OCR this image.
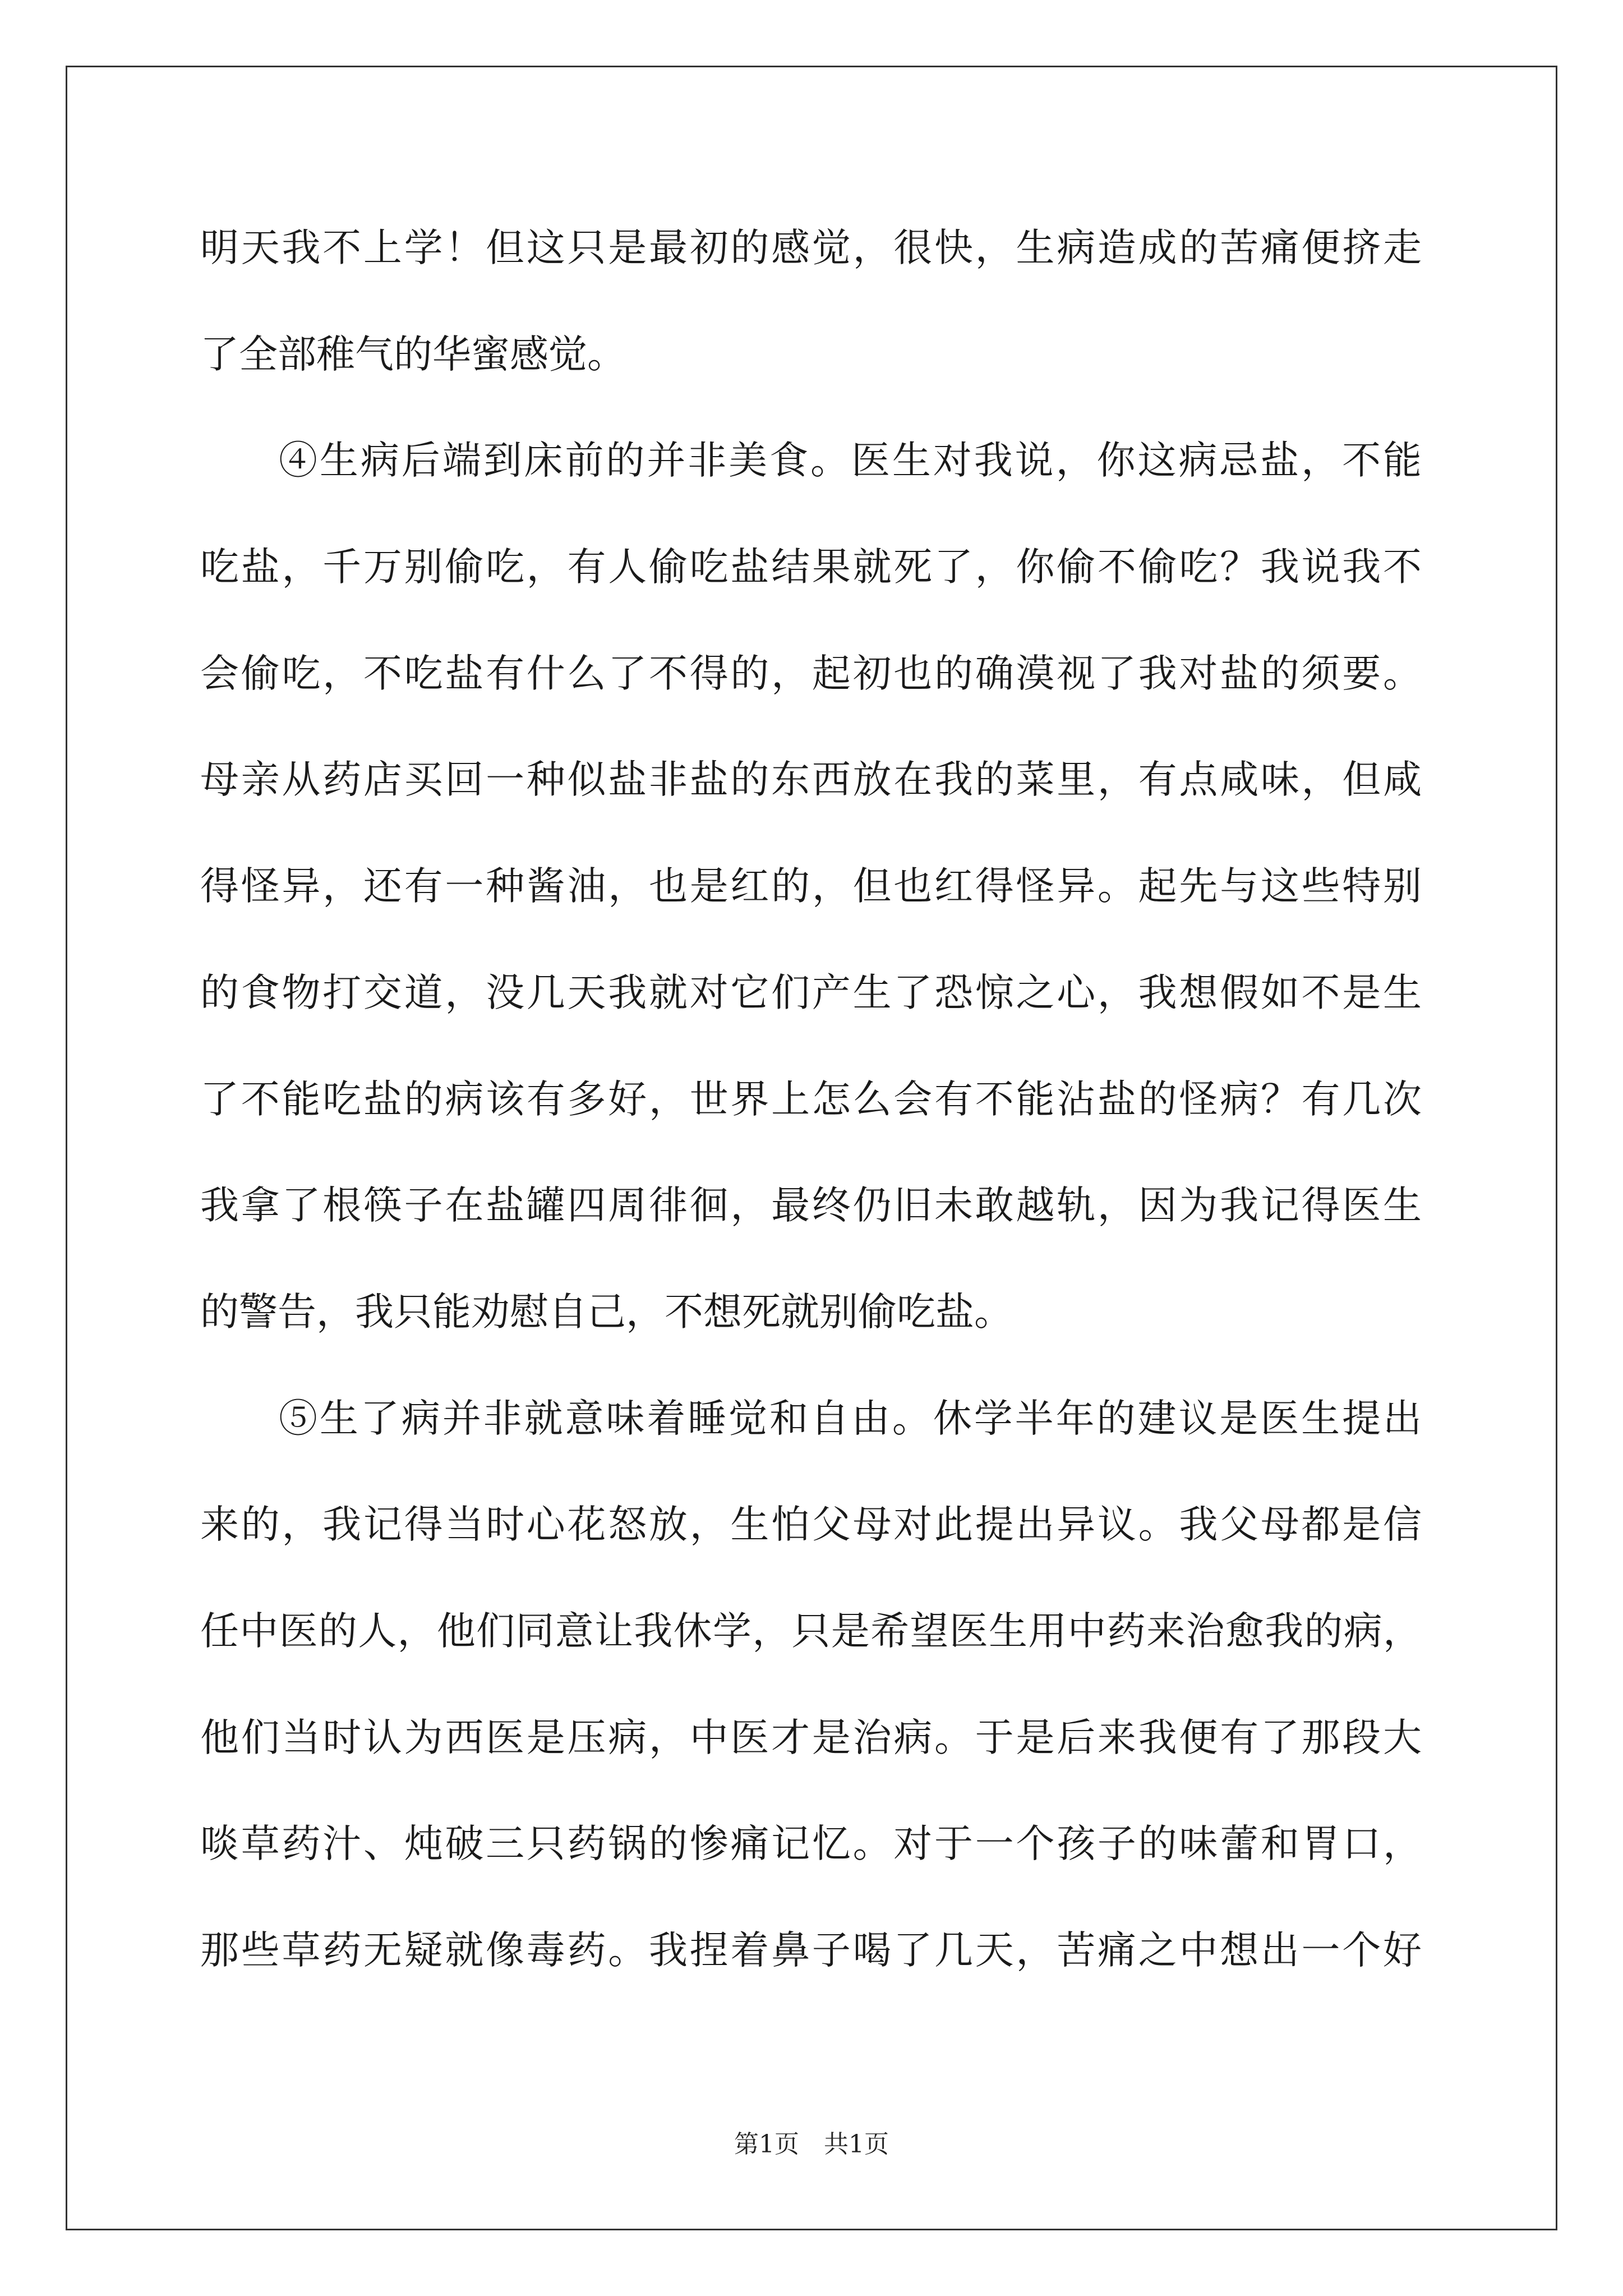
明天我不上学！但这只是最初的感觉，很快，生病造成的苦痛便挤走
了全部稚气的华蜜感觉。
④生病后端到床前的并非美食。医生对我说，你这病忌盐，不能
吃盐，千万别偷吃，有人偷吃盐结果就死了，你偷不偷吃？我说我不
会偷吃，不吃盐有什么了不得的，起初也的确漠视了我对盐的须要。
母亲从药店买回一种似盐非盐的东西放在我的菜里，有点咸味，但咸
得怪异，还有一种酱油，也是红的，但也红得怪异。起先与这些特别
的食物打交道，没几天我就对它们产生了恐惊之心，我想假如不是生
了不能吃盐的病该有多好，世界上怎么会有不能沾盐的怪病？有几次
我拿了根筷子在盐罐四周徘徊，最终仍旧未敢越轨，因为我记得医生
的警告，我只能劝慰自己，不想死就别偷吃盐。
⑤生了病并非就意味着睡觉和自由。休学半年的建议是医生提出
来的，我记得当时心花怒放，生怕父母对此提出异议。我父母都是信
任中医的人，他们同意让我休学，只是希望医生用中药来治愈我的病，
他们当时认为西医是压病，中医才是治病。于是后来我便有了那段大
啖草药汁、炖破三只药锅的惨痛记忆。对于一个孩子的味蕾和胃口，
那些草药无疑就像毒药。我捏着鼻子喝了几天，苦痛之中想出一个好
第1页　共1页
